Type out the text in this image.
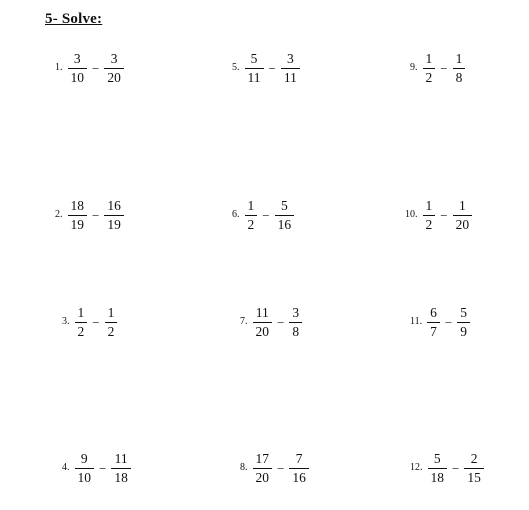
5- Solve:
1. $\frac{3}{10} - \frac{3}{20}$
2. $\frac{18}{19} - \frac{16}{19}$
3. $\frac{1}{2} - \frac{1}{2}$
4. $\frac{9}{10} - \frac{11}{18}$
5. $\frac{5}{11} - \frac{3}{11}$
6. $\frac{1}{2} - \frac{5}{16}$
7. $\frac{11}{20} - \frac{3}{8}$
8. $\frac{17}{20} - \frac{7}{16}$
9. $\frac{1}{2} - \frac{1}{8}$
10. $\frac{1}{2} - \frac{1}{20}$
11. $\frac{6}{7} - \frac{5}{9}$
12. $\frac{5}{18} - \frac{2}{15}$
